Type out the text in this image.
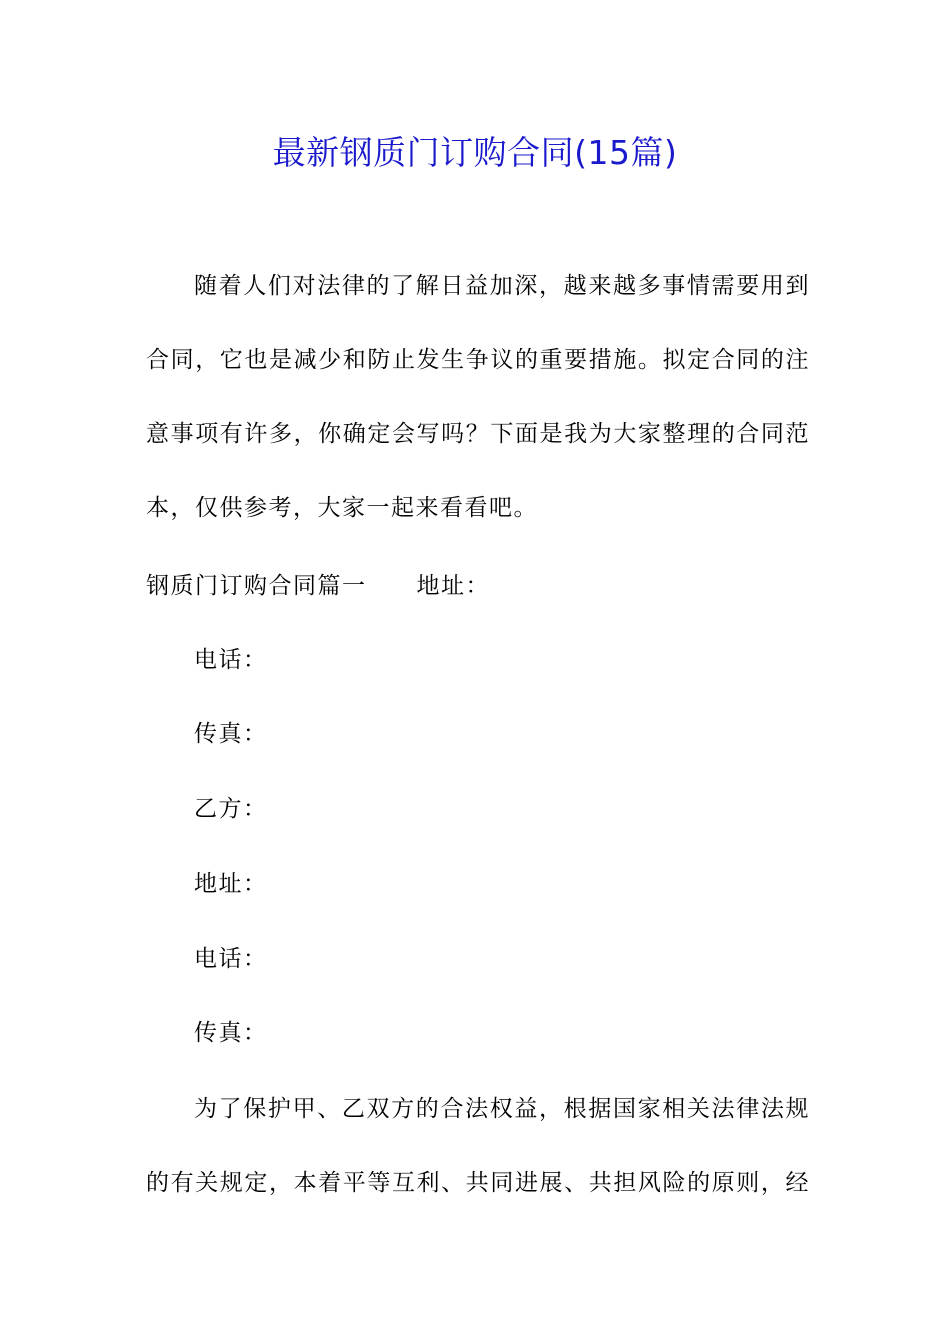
最新钢质门订购合同(15篇)
随着人们对法律的了解日益加深，越来越多事情需要用到
合同，它也是减少和防止发生争议的重要措施。拟定合同的注
意事项有许多，你确定会写吗？下面是我为大家整理的合同范
本，仅供参考，大家一起来看看吧。
钢质门订购合同篇一 地址：
电话：
传真：
乙方：
地址：
电话：
传真：
为了保护甲、乙双方的合法权益，根据国家相关法律法规
的有关规定，本着平等互利、共同进展、共担风险的原则，经
